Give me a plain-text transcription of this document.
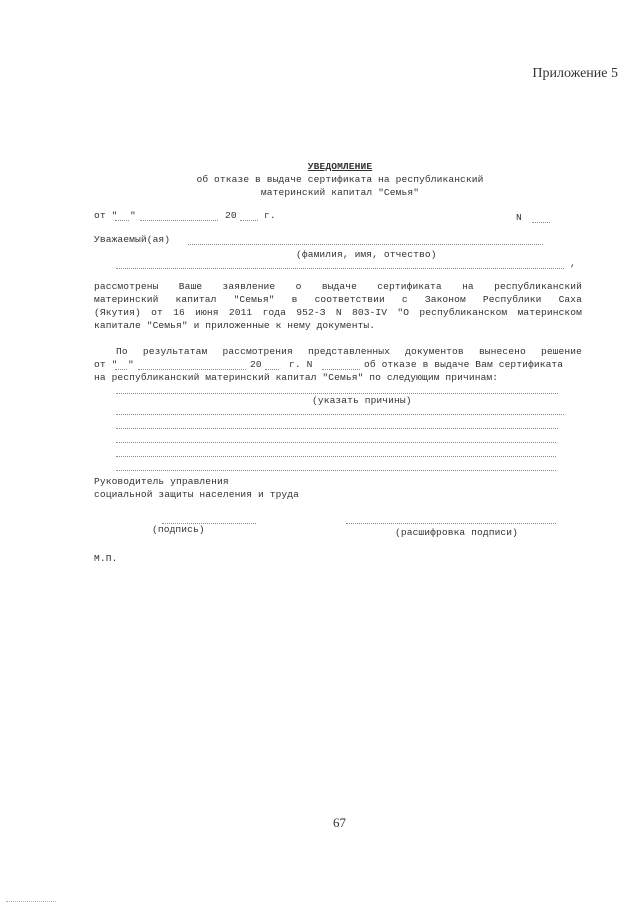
Приложение 5
УВЕДОМЛЕНИЕ
об отказе в выдаче сертификата на республиканский
материнский капитал "Семья"
от " "	20	г.	N
Уважаемый(ая)
(фамилия, имя, отчество)
,
рассмотрены Ваше заявление о выдаче сертификата на республиканский
материнский капитал "Семья" в соответствии с Законом Республики Саха
(Якутия) от 16 июня 2011 года 952-З N 803-IV "О республиканском материнском
капитале "Семья" и приложенные к нему документы.
По результатам рассмотрения представленных документов вынесено решение
от " "	20	г. N	об отказе в выдаче Вам сертификата
на республиканский материнский капитал "Семья" по следующим причинам:
(указать причины)
Руководитель управления
социальной защиты населения и труда
(подпись)	(расшифровка подписи)
М.П.
67
